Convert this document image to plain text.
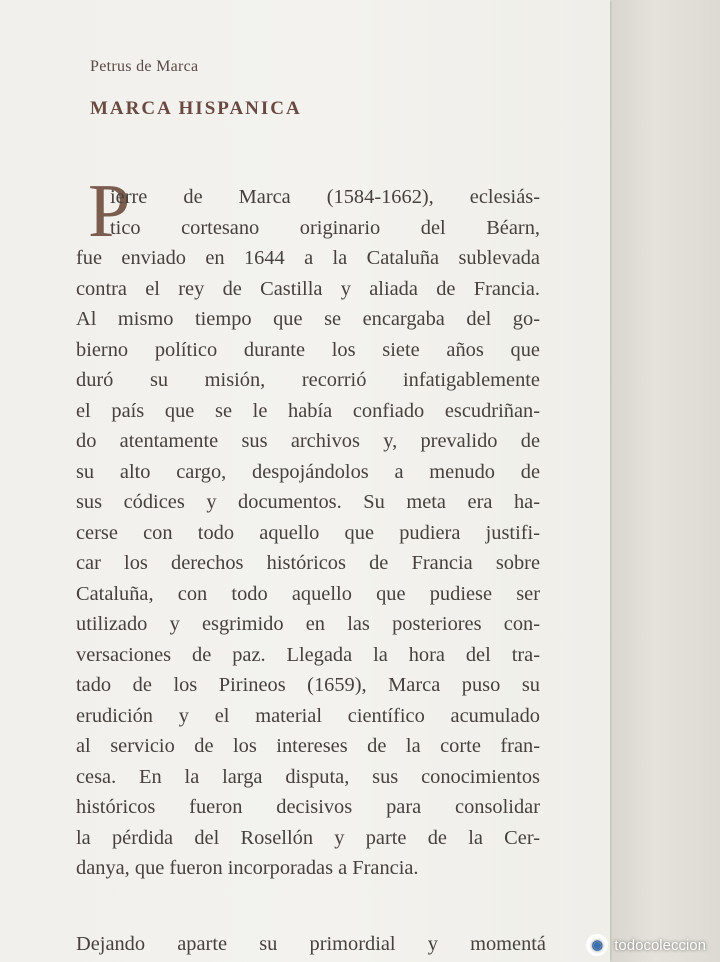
Petrus de Marca
MARCA HISPANICA
P
ierre de Marca (1584-1662), eclesiás-
tico cortesano originario del Béarn,
fue enviado en 1644 a la Cataluña sublevada
contra el rey de Castilla y aliada de Francia.
Al mismo tiempo que se encargaba del go-
bierno político durante los siete años que
duró su misión, recorrió infatigablemente
el país que se le había confiado escudriñan-
do atentamente sus archivos y, prevalido de
su alto cargo, despojándolos a menudo de
sus códices y documentos. Su meta era ha-
cerse con todo aquello que pudiera justifi-
car los derechos históricos de Francia sobre
Cataluña, con todo aquello que pudiese ser
utilizado y esgrimido en las posteriores con-
versaciones de paz. Llegada la hora del tra-
tado de los Pirineos (1659), Marca puso su
erudición y el material científico acumulado
al servicio de los intereses de la corte fran-
cesa. En la larga disputa, sus conocimientos
históricos fueron decisivos para consolidar
la pérdida del Rosellón y parte de la Cer-
danya, que fueron incorporadas a Francia.
Dejando aparte su primordial y momentá	◉ todocoleccion
